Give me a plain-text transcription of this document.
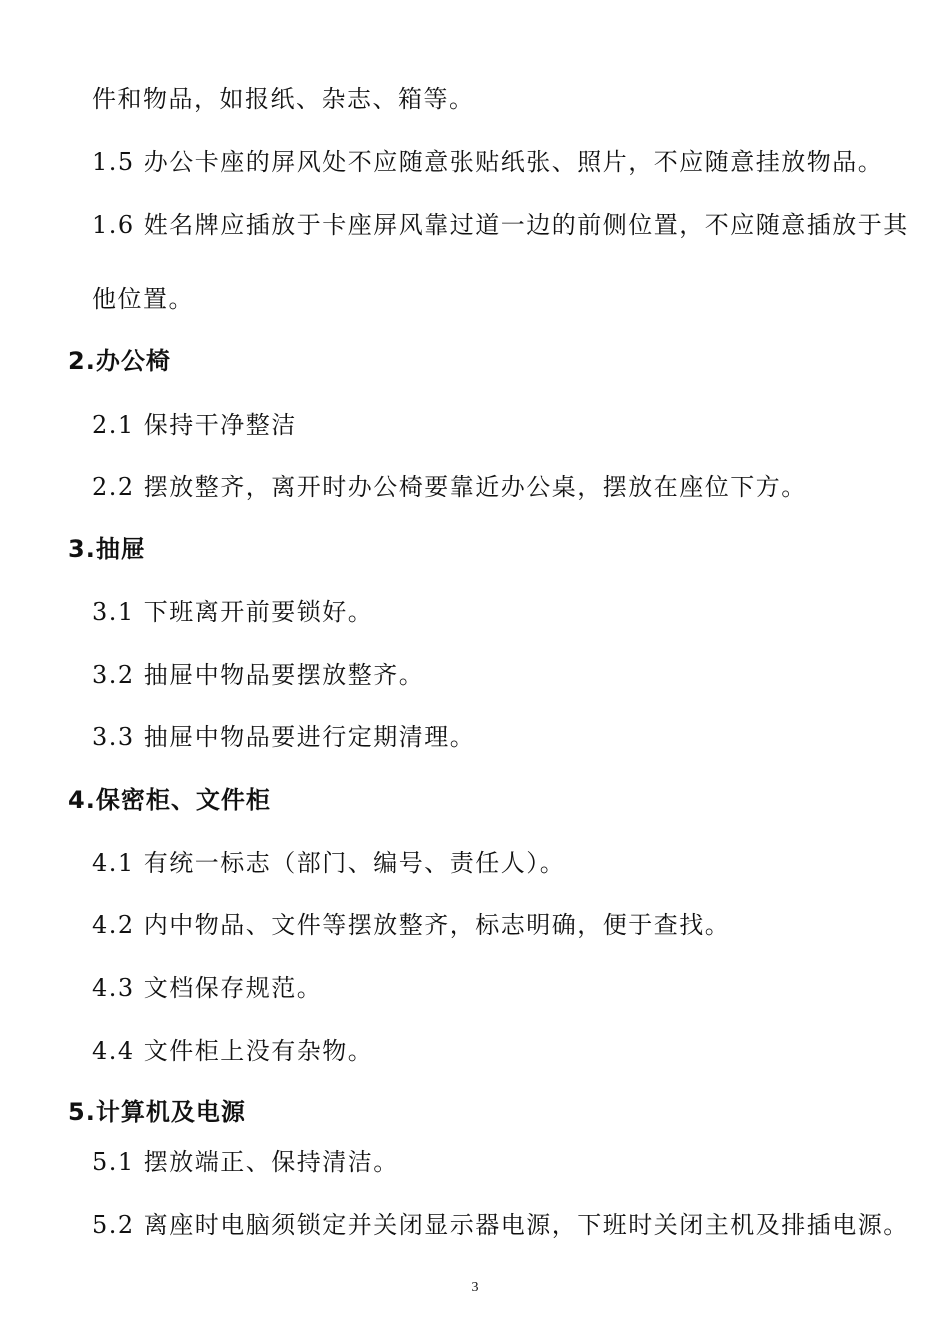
件和物品，如报纸、杂志、箱等。
1.5 办公卡座的屏风处不应随意张贴纸张、照片，不应随意挂放物品。
1.6 姓名牌应插放于卡座屏风靠过道一边的前侧位置，不应随意插放于其
他位置。
2.办公椅
2.1 保持干净整洁
2.2 摆放整齐，离开时办公椅要靠近办公桌，摆放在座位下方。
3.抽屉
3.1 下班离开前要锁好。
3.2 抽屉中物品要摆放整齐。
3.3 抽屉中物品要进行定期清理。
4.保密柜、文件柜
4.1 有统一标志（部门、编号、责任人）。
4.2 内中物品、文件等摆放整齐，标志明确，便于查找。
4.3 文档保存规范。
4.4 文件柜上没有杂物。
5.计算机及电源
5.1 摆放端正、保持清洁。
5.2 离座时电脑须锁定并关闭显示器电源，下班时关闭主机及排插电源。
3
